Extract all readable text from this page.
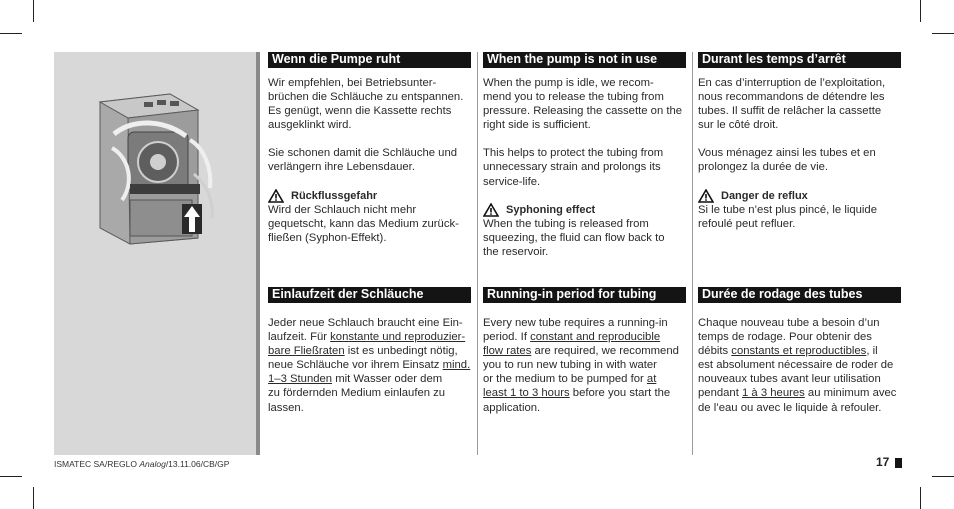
Wenn die Pumpe ruht

Wir empfehlen, bei Betriebsunter-
brüchen die Schläuche zu entspannen.
Es genügt, wenn die Kassette rechts
ausgeklinkt wird.

Sie schonen damit die Schläuche und
verlängern ihre Lebensdauer.

Rückflussgefahr

Wird der Schlauch nicht mehr
gequetscht, kann das Medium zurück-
fließen (Syphon-Effekt).

Einlaufzeit der Schläuche

Jeder neue Schlauch braucht eine Ein-
laufzeit. Für konstante und reproduzier-
bare Fließraten ist es unbedingt nötig,
neue Schläuche vor ihrem Einsatz mind.
1–3 Stunden mit Wasser oder dem
zu fördernden Medium einlaufen zu
lassen.

When the pump is not in use

When the pump is idle, we recom-
mend you to release the tubing from
pressure. Releasing the cassette on the
right side is sufficient.

This helps to protect the tubing from
unnecessary strain and prolongs its
service-life.

Syphoning effect

When the tubing is released from
squeezing, the fluid can flow back to
the reservoir.

Running-in period for tubing

Every new tube requires a running-in
period. If constant and reproducible
flow rates are required, we recommend
you to run new tubing in with water
or the medium to be pumped for at
least 1 to 3 hours before you start the
application.

Durant les temps d’arrêt

En cas d’interruption de l’exploitation,
nous recommandons de détendre les
tubes. Il suffit de relâcher la cassette
sur le côté droit.

Vous ménagez ainsi les tubes et en
prolongez la durée de vie.

Danger de reflux

Si le tube n’est plus pincé, le liquide
refoulé peut refluer.

Durée de rodage des tubes

Chaque nouveau tube a besoin d’un
temps de rodage. Pour obtenir des
débits constants et reproductibles, il
est absolument nécessaire de roder de
nouveaux tubes avant leur utilisation
pendant 1 à 3 heures au minimum avec
de l’eau ou avec le liquide à refouler.

ISMATEC SA/REGLO Analog/13.11.06/CB/GP	17
